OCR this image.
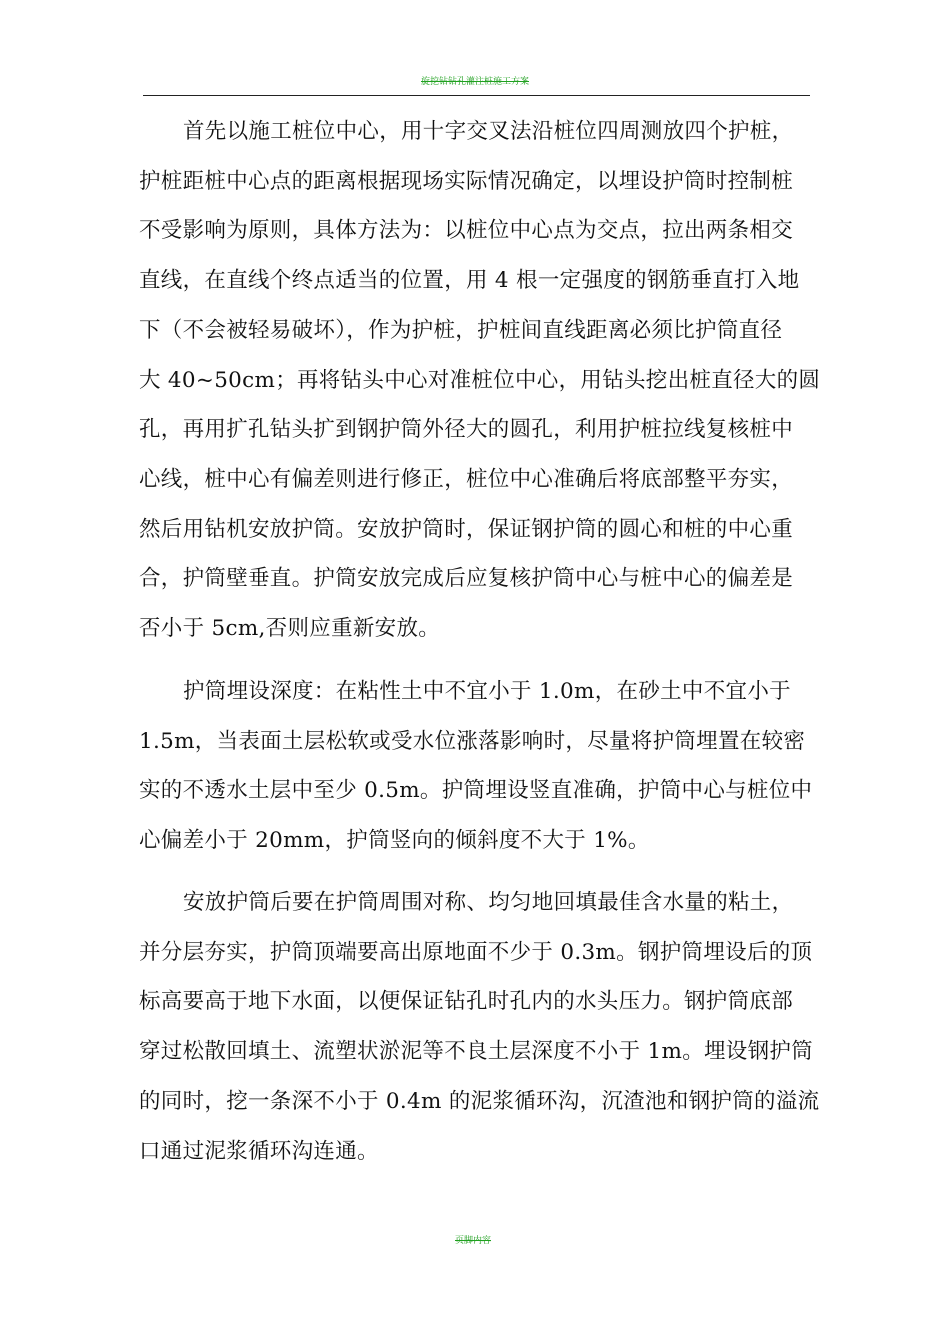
旋挖钻钻孔灌注桩施工方案
首先以施工桩位中心，用十字交叉法沿桩位四周测放四个护桩，
护桩距桩中心点的距离根据现场实际情况确定，以埋设护筒时控制桩
不受影响为原则，具体方法为：以桩位中心点为交点，拉出两条相交
直线，在直线个终点适当的位置，用 4 根一定强度的钢筋垂直打入地
下（不会被轻易破坏），作为护桩，护桩间直线距离必须比护筒直径
大 40~50cm；再将钻头中心对准桩位中心，用钻头挖出桩直径大的圆
孔，再用扩孔钻头扩到钢护筒外径大的圆孔，利用护桩拉线复核桩中
心线，桩中心有偏差则进行修正，桩位中心准确后将底部整平夯实，
然后用钻机安放护筒。安放护筒时，保证钢护筒的圆心和桩的中心重
合，护筒壁垂直。护筒安放完成后应复核护筒中心与桩中心的偏差是
否小于 5cm,否则应重新安放。
护筒埋设深度：在粘性土中不宜小于 1.0m，在砂土中不宜小于
1.5m，当表面土层松软或受水位涨落影响时，尽量将护筒埋置在较密
实的不透水土层中至少 0.5m。护筒埋设竖直准确，护筒中心与桩位中
心偏差小于 20mm，护筒竖向的倾斜度不大于 1%。
安放护筒后要在护筒周围对称、均匀地回填最佳含水量的粘土，
并分层夯实，护筒顶端要高出原地面不少于 0.3m。钢护筒埋设后的顶
标高要高于地下水面，以便保证钻孔时孔内的水头压力。钢护筒底部
穿过松散回填土、流塑状淤泥等不良土层深度不小于 1m。埋设钢护筒
的同时，挖一条深不小于 0.4m 的泥浆循环沟，沉渣池和钢护筒的溢流
口通过泥浆循环沟连通。
页脚内容
